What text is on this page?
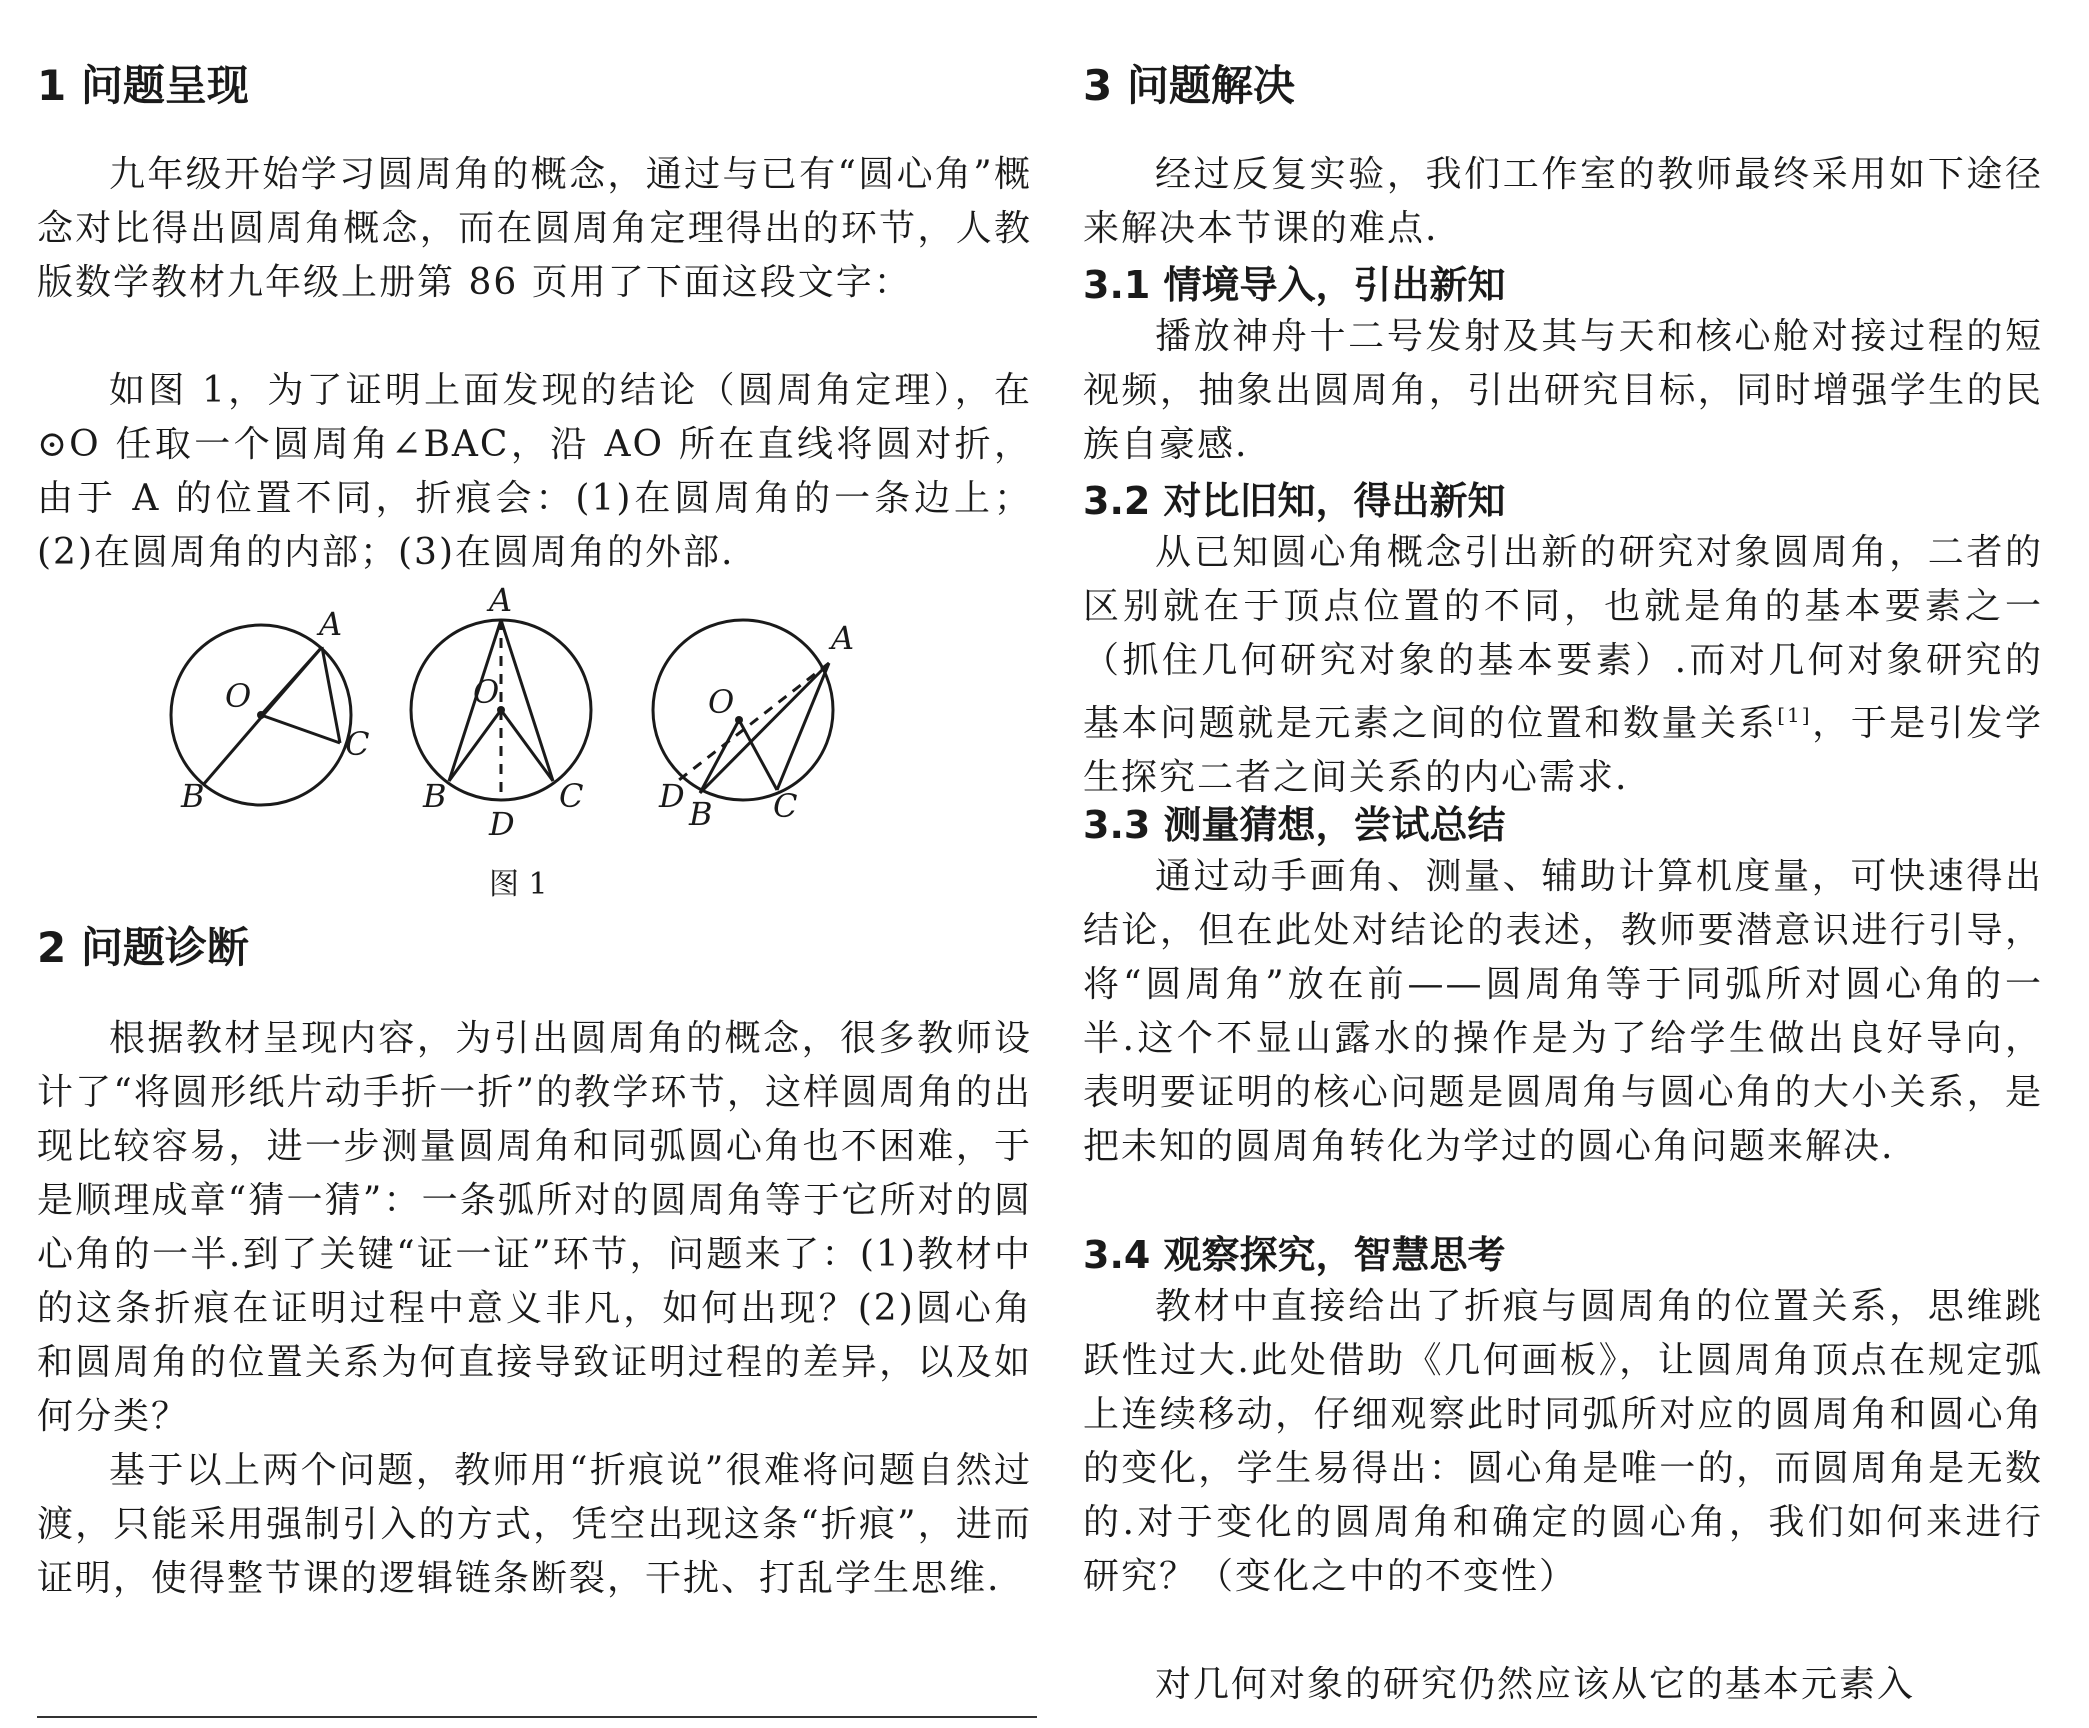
1 问题呈现

九年级开始学习圆周角的概念，通过与已有“圆心角”概念对比得出圆周角概念，而在圆周角定理得出的环节，人教版数学教材九年级上册第 86 页用了下面这段文字：

如图 1，为了证明上面发现的结论（圆周角定理），在⊙O 任取一个圆周角∠BAC，沿 AO 所在直线将圆对折，由于 A 的位置不同，折痕会：(1)在圆周角的一条边上；(2)在圆周角的内部；(3)在圆周角的外部.

A
O
C
B
A
O
B	C
D
A
O
D B C
图 1
2 问题诊断

根据教材呈现内容，为引出圆周角的概念，很多教师设计了“将圆形纸片动手折一折”的教学环节，这样圆周角的出现比较容易，进一步测量圆周角和同弧圆心角也不困难，于是顺理成章“猜一猜”：一条弧所对的圆周角等于它所对的圆心角的一半.到了关键“证一证”环节，问题来了：(1)教材中的这条折痕在证明过程中意义非凡，如何出现？(2)圆心角和圆周角的位置关系为何直接导致证明过程的差异，以及如何分类？

基于以上两个问题，教师用“折痕说”很难将问题自然过渡，只能采用强制引入的方式，凭空出现这条“折痕”，进而证明，使得整节课的逻辑链条断裂，干扰、打乱学生思维.

3 问题解决

经过反复实验，我们工作室的教师最终采用如下途径来解决本节课的难点.

3.1 情境导入，引出新知

播放神舟十二号发射及其与天和核心舱对接过程的短视频，抽象出圆周角，引出研究目标，同时增强学生的民族自豪感.

3.2 对比旧知，得出新知

从已知圆心角概念引出新的研究对象圆周角，二者的区别就在于顶点位置的不同，也就是角的基本要素之一（抓住几何研究对象的基本要素）.而对几何对象研究的基本问题就是元素之间的位置和数量关系[1]，于是引发学生探究二者之间关系的内心需求.

3.3 测量猜想，尝试总结

通过动手画角、测量、辅助计算机度量，可快速得出结论，但在此处对结论的表述，教师要潜意识进行引导，将“圆周角”放在前——圆周角等于同弧所对圆心角的一半.这个不显山露水的操作是为了给学生做出良好导向，表明要证明的核心问题是圆周角与圆心角的大小关系，是把未知的圆周角转化为学过的圆心角问题来解决.

3.4 观察探究，智慧思考

教材中直接给出了折痕与圆周角的位置关系，思维跳跃性过大.此处借助《几何画板》，让圆周角顶点在规定弧上连续移动，仔细观察此时同弧所对应的圆周角和圆心角的变化，学生易得出：圆心角是唯一的，而圆周角是无数的.对于变化的圆周角和确定的圆心角，我们如何来进行研究？（变化之中的不变性）

对几何对象的研究仍然应该从它的基本元素入
